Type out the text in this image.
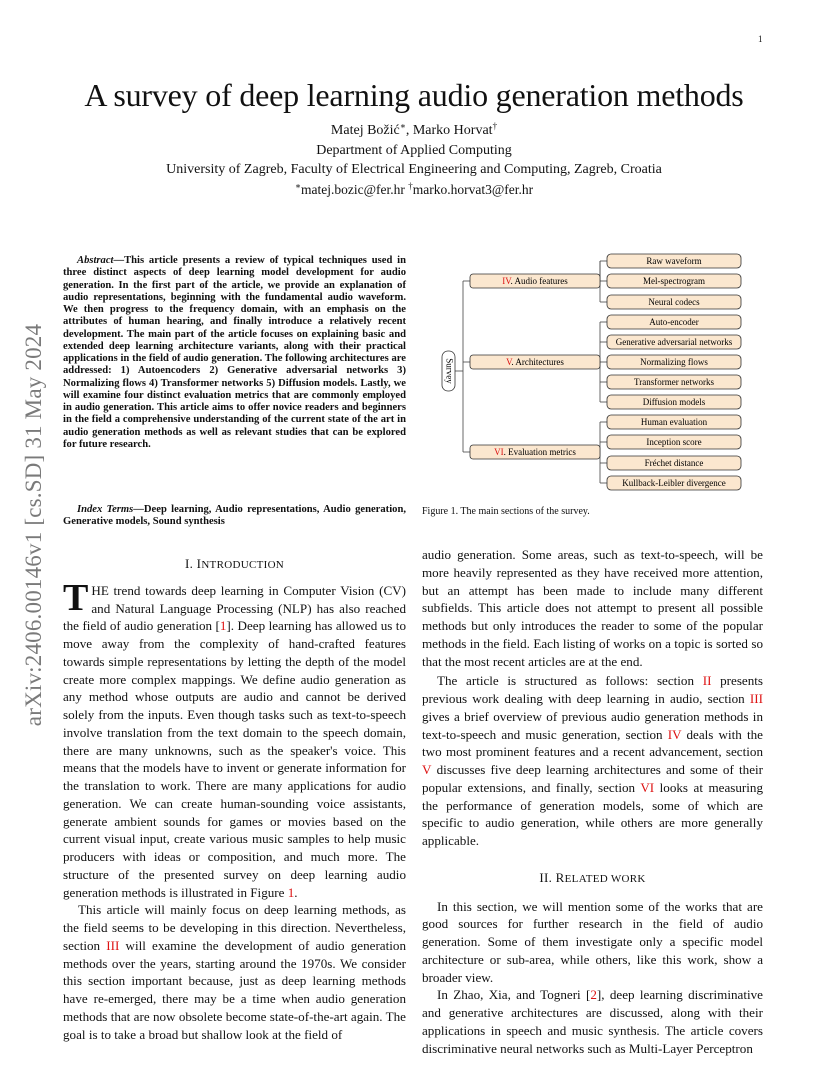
1
arXiv:2406.00146v1 [cs.SD] 31 May 2024
A survey of deep learning audio generation methods
Matej Božić∗, Marko Horvat†
Department of Applied Computing
University of Zagreb, Faculty of Electrical Engineering and Computing, Zagreb, Croatia
∗matej.bozic@fer.hr †marko.horvat3@fer.hr

Abstract—This article presents a review of typical techniques used in three distinct aspects of deep learning model development for audio generation. In the first part of the article, we provide an explanation of audio representations, beginning with the fundamental audio waveform. We then progress to the frequency domain, with an emphasis on the attributes of human hearing, and finally introduce a relatively recent development. The main part of the article focuses on explaining basic and extended deep learning architecture variants, along with their practical applications in the field of audio generation. The following architectures are addressed: 1) Autoencoders 2) Generative adversarial networks 3) Normalizing flows 4) Transformer networks 5) Diffusion models. Lastly, we will examine four distinct evaluation metrics that are commonly employed in audio generation. This article aims to offer novice readers and beginners in the field a comprehensive understanding of the current state of the art in audio generation methods as well as relevant studies that can be explored for future research.

Index Terms—Deep learning, Audio representations, Audio generation, Generative models, Sound synthesis
Survey
IV. Audio features
V. Architectures
VI. Evaluation metrics
Raw waveform
Mel-spectrogram
Neural codecs
Auto-encoder
Generative adversarial networks
Normalizing flows
Transformer networks
Diffusion models
Human evaluation
Inception score
Fréchet distance
Kullback-Leibler divergence
Figure 1. The main sections of the survey.
I. INTRODUCTION

THE trend towards deep learning in Computer Vision (CV) and Natural Language Processing (NLP) has also reached the field of audio generation [1]. Deep learning has allowed us to move away from the complexity of hand-crafted features towards simple representations by letting the depth of the model create more complex mappings. We define audio generation as any method whose outputs are audio and cannot be derived solely from the inputs. Even though tasks such as text-to-speech involve translation from the text domain to the speech domain, there are many unknowns, such as the speaker's voice. This means that the models have to invent or generate information for the translation to work. There are many applications for audio generation. We can create human-sounding voice assistants, generate ambient sounds for games or movies based on the current visual input, create various music samples to help music producers with ideas or composition, and much more. The structure of the presented survey on deep learning audio generation methods is illustrated in Figure 1.

This article will mainly focus on deep learning methods, as the field seems to be developing in this direction. Nevertheless, section III will examine the development of audio generation methods over the years, starting around the 1970s. We consider this section important because, just as deep learning methods have re-emerged, there may be a time when audio generation methods that are now obsolete become state-of-the-art again. The goal is to take a broad but shallow look at the field of

audio generation. Some areas, such as text-to-speech, will be more heavily represented as they have received more attention, but an attempt has been made to include many different subfields. This article does not attempt to present all possible methods but only introduces the reader to some of the popular methods in the field. Each listing of works on a topic is sorted so that the most recent articles are at the end.

The article is structured as follows: section II presents previous work dealing with deep learning in audio, section III gives a brief overview of previous audio generation methods in text-to-speech and music generation, section IV deals with the two most prominent features and a recent advancement, section V discusses five deep learning architectures and some of their popular extensions, and finally, section VI looks at measuring the performance of generation models, some of which are specific to audio generation, while others are more generally applicable.

II. RELATED WORK

In this section, we will mention some of the works that are good sources for further research in the field of audio generation. Some of them investigate only a specific model architecture or sub-area, while others, like this work, show a broader view.

In Zhao, Xia, and Togneri [2], deep learning discriminative and generative architectures are discussed, along with their applications in speech and music synthesis. The article covers discriminative neural networks such as Multi-Layer Perceptron
